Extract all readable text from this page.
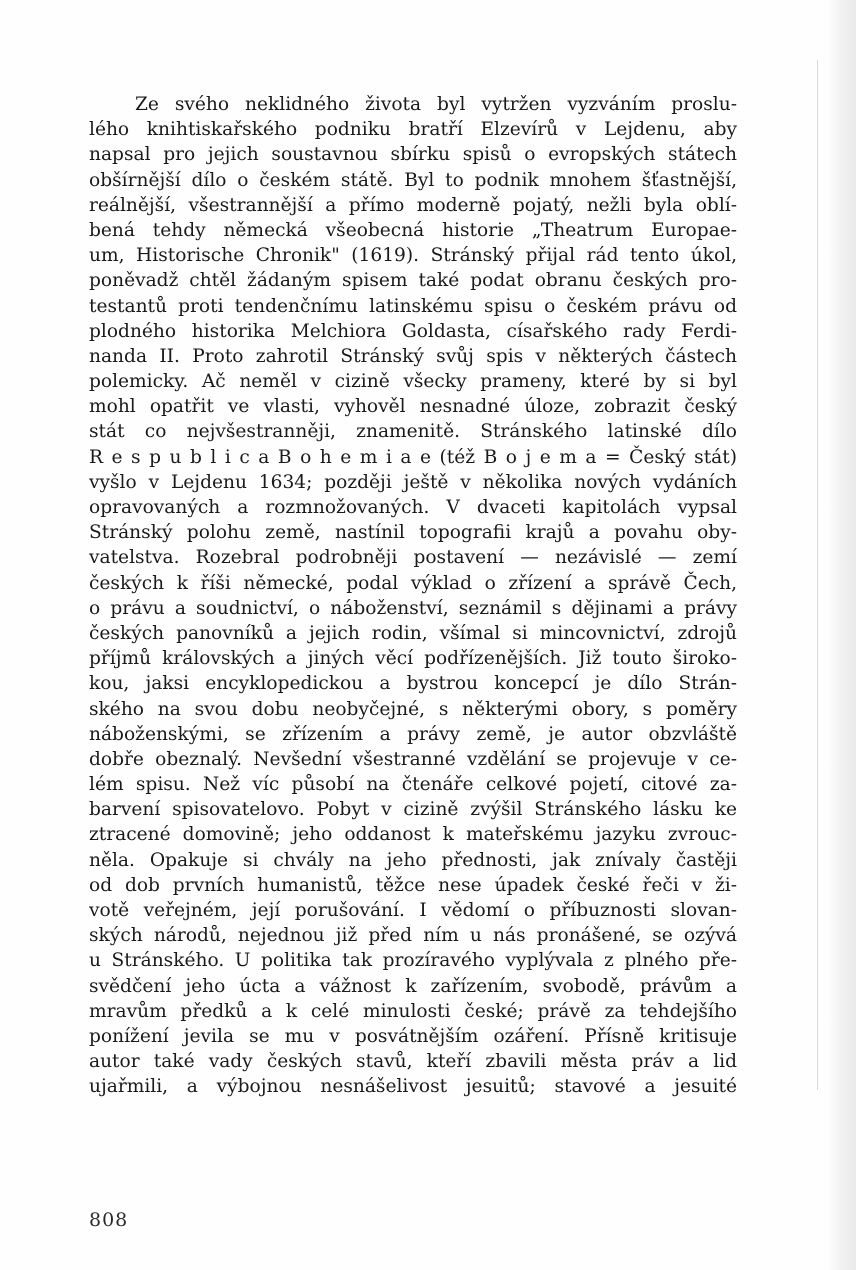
Ze svého neklidného života byl vytržen vyzváním proslu-
lého knihtiskařského podniku bratří Elzevírů v Lejdenu, aby
napsal pro jejich soustavnou sbírku spisů o evropských státech
obšírnější dílo o českém státě. Byl to podnik mnohem šťastnější,
reálnější, všestrannější a přímo moderně pojatý, nežli byla oblí-
bená tehdy německá všeobecná historie „Theatrum Europae-
um, Historische Chronik" (1619). Stránský přijal rád tento úkol,
poněvadž chtěl žádaným spisem také podat obranu českých pro-
testantů proti tendenčnímu latinskému spisu o českém právu od
plodného historika Melchiora Goldasta, císařského rady Ferdi-
nanda II. Proto zahrotil Stránský svůj spis v některých částech
polemicky. Ač neměl v cizině všecky prameny, které by si byl
mohl opatřit ve vlasti, vyhověl nesnadné úloze, zobrazit český
stát co nejvšestranněji, znamenitě. Stránského latinské dílo
R e s p u b l i c a B o h e m i a e (též B o j e m a = Český stát)
vyšlo v Lejdenu 1634; později ještě v několika nových vydáních
opravovaných a rozmnožovaných. V dvaceti kapitolách vypsal
Stránský polohu země, nastínil topografii krajů a povahu oby-
vatelstva. Rozebral podrobněji postavení — nezávislé — zemí
českých k říši německé, podal výklad o zřízení a správě Čech,
o právu a soudnictví, o náboženství, seznámil s dějinami a právy
českých panovníků a jejich rodin, všímal si mincovnictví, zdrojů
příjmů královských a jiných věcí podřízenějších. Již touto široko-
kou, jaksi encyklopedickou a bystrou koncepcí je dílo Strán-
ského na svou dobu neobyčejné, s některými obory, s poměry
náboženskými, se zřízením a právy země, je autor obzvláště
dobře obeznalý. Nevšední všestranné vzdělání se projevuje v ce-
lém spisu. Než víc působí na čtenáře celkové pojetí, citové za-
barvení spisovatelovo. Pobyt v cizině zvýšil Stránského lásku ke
ztracené domovině; jeho oddanost k mateřskému jazyku zvrouc-
něla. Opakuje si chvály na jeho přednosti, jak znívaly častěji
od dob prvních humanistů, těžce nese úpadek české řeči v ži-
votě veřejném, její porušování. I vědomí o příbuznosti slovan-
ských národů, nejednou již před ním u nás pronášené, se ozývá
u Stránského. U politika tak prozíravého vyplývala z plného pře-
svědčení jeho úcta a vážnost k zařízením, svobodě, právům a
mravům předků a k celé minulosti české; právě za tehdejšího
ponížení jevila se mu v posvátnějším ozáření. Přísně kritisuje
autor také vady českých stavů, kteří zbavili města práv a lid
ujařmili, a výbojnou nesnášelivost jesuitů; stavové a jesuité
808
